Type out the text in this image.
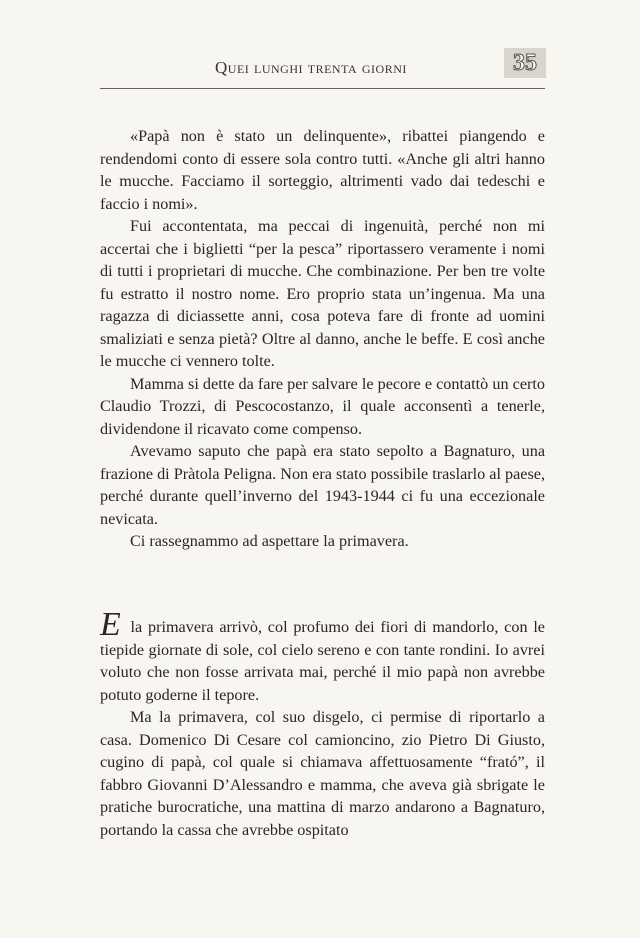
Quei lunghi trenta giorni	35

«Papà non è stato un delinquente», ribattei piangendo e rendendomi conto di essere sola contro tutti. «Anche gli altri hanno le mucche. Facciamo il sorteggio, altrimenti vado dai tedeschi e faccio i nomi».

Fui accontentata, ma peccai di ingenuità, perché non mi accertai che i biglietti “per la pesca” riportassero veramente i nomi di tutti i proprietari di mucche. Che combinazione. Per ben tre volte fu estratto il nostro nome. Ero proprio stata un’ingenua. Ma una ragazza di diciassette anni, cosa poteva fare di fronte ad uomini smaliziati e senza pietà? Oltre al danno, anche le beffe. E così anche le mucche ci vennero tolte.

Mamma si dette da fare per salvare le pecore e contattò un certo Claudio Trozzi, di Pescocostanzo, il quale acconsentì a tenerle, dividendone il ricavato come compenso.

Avevamo saputo che papà era stato sepolto a Bagnaturo, una frazione di Pràtola Peligna. Non era stato possibile traslarlo al paese, perché durante quell’inverno del 1943-1944 ci fu una eccezionale nevicata.

Ci rassegnammo ad aspettare la primavera.

E la primavera arrivò, col profumo dei fiori di mandorlo, con le tiepide giornate di sole, col cielo sereno e con tante rondini. Io avrei voluto che non fosse arrivata mai, perché il mio papà non avrebbe potuto goderne il tepore.

Ma la primavera, col suo disgelo, ci permise di riportarlo a casa. Domenico Di Cesare col camioncino, zio Pietro Di Giusto, cugino di papà, col quale si chiamava affettuosamente “frató”, il fabbro Giovanni D’Alessandro e mamma, che aveva già sbrigate le pratiche burocratiche, una mattina di marzo andarono a Bagnaturo, portando la cassa che avrebbe ospitato
